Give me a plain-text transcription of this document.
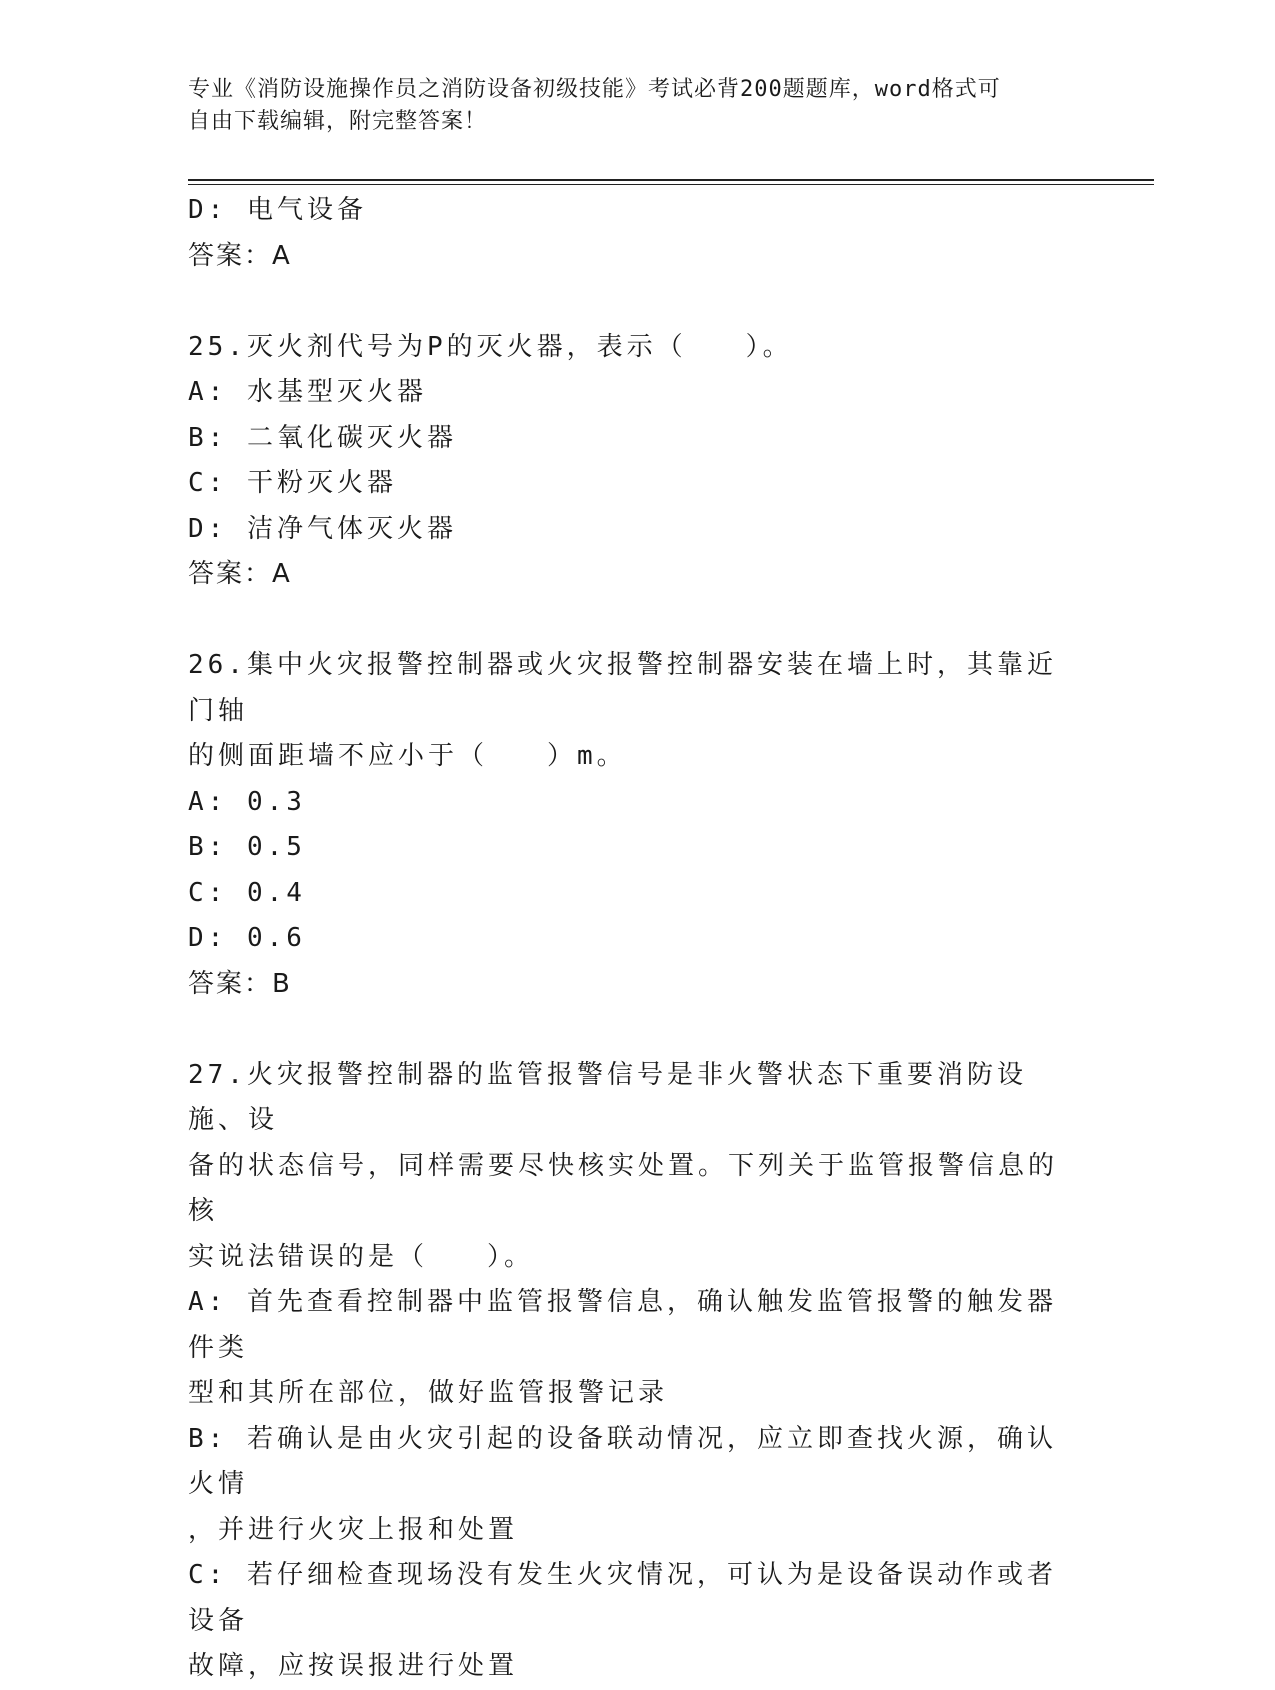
专业《消防设施操作员之消防设备初级技能》考试必背200题题库，word格式可
自由下载编辑，附完整答案！
D: 电气设备
答案：A
25.灭火剂代号为P的灭火器，表示（   ）。
A: 水基型灭火器
B: 二氧化碳灭火器
C: 干粉灭火器
D: 洁净气体灭火器
答案：A
26.集中火灾报警控制器或火灾报警控制器安装在墙上时，其靠近门轴
的侧面距墙不应小于（   ）m。
A: 0.3
B: 0.5
C: 0.4
D: 0.6
答案：B
27.火灾报警控制器的监管报警信号是非火警状态下重要消防设施、设
备的状态信号，同样需要尽快核实处置。下列关于监管报警信息的核
实说法错误的是（   ）。
A: 首先查看控制器中监管报警信息，确认触发监管报警的触发器件类
型和其所在部位，做好监管报警记录
B: 若确认是由火灾引起的设备联动情况，应立即查找火源，确认火情
，并进行火灾上报和处置
C: 若仔细检查现场没有发生火灾情况，可认为是设备误动作或者设备
故障，应按误报进行处置
